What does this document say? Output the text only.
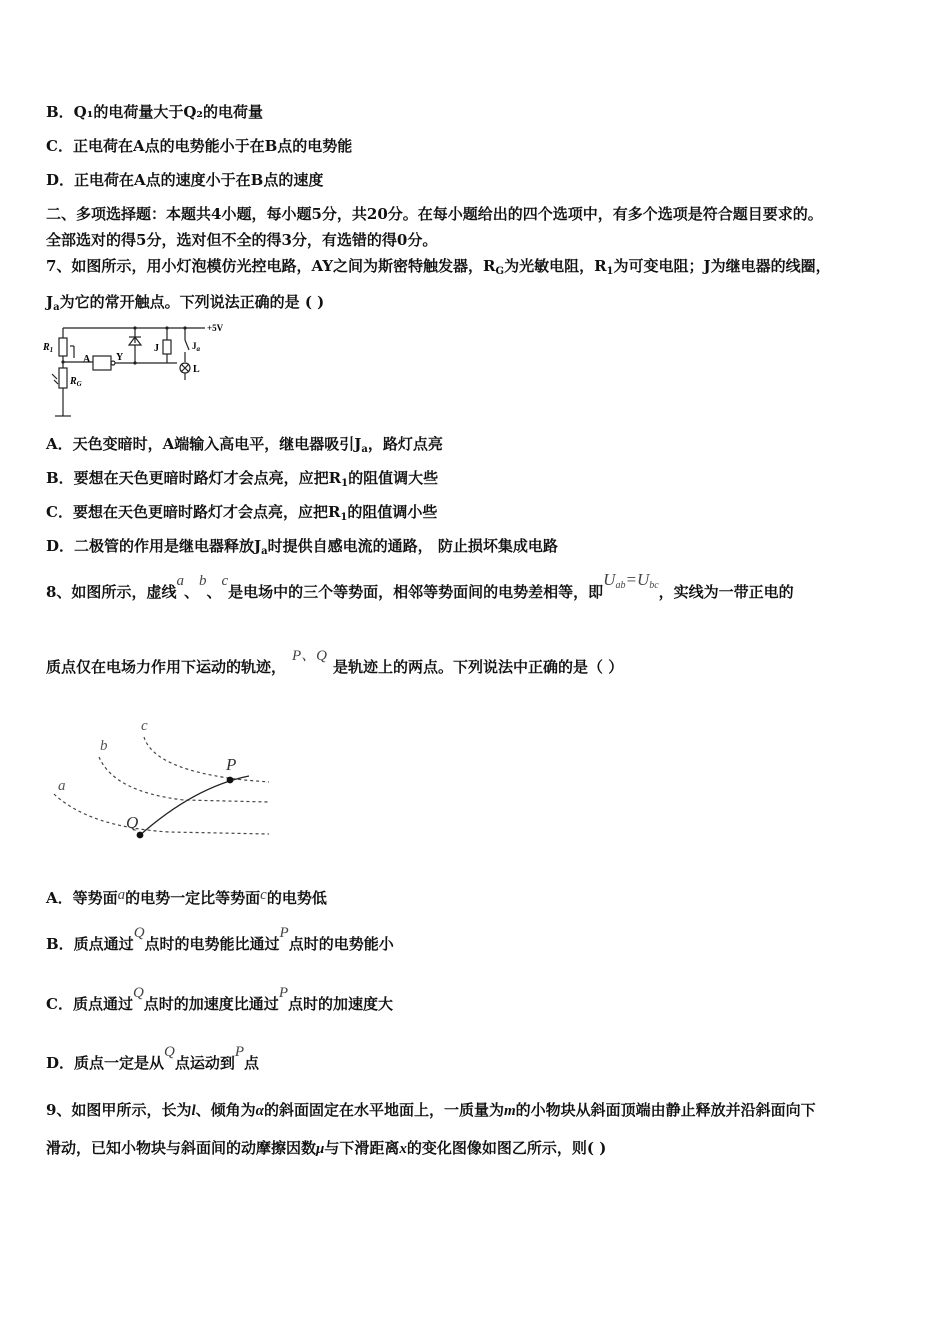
B．Q₁的电荷量大于Q₂的电荷量
C．正电荷在A点的电势能小于在B点的电势能
D．正电荷在A点的速度小于在B点的速度
二、多项选择题：本题共4小题，每小题5分，共20分。在每小题给出的四个选项中，有多个选项是符合题目要求的。
全部选对的得5分，选对但不全的得3分，有选错的得0分。
7、如图所示，用小灯泡模仿光控电路，AY之间为斯密特触发器，$R_G$为光敏电阻，$R_1$为可变电阻；J为继电器的线圈，
$J_a$为它的常开触点。下列说法正确的是 ( )
+5V
$R_1$
$R_G$
A	Y
J	$J_a$
L
A．天色变暗时，A端输入高电平，继电器吸引$J_a$，路灯点亮
B．要想在天色更暗时路灯才会点亮，应把$R_1$的阻值调大些
C．要想在天色更暗时路灯才会点亮，应把$R_1$的阻值调小些
D．二极管的作用是继电器释放$J_a$时提供自感电流的通路， 防止损坏集成电路
8、如图所示，虚线a、b、c是电场中的三个等势面，相邻等势面间的电势差相等，即$U_{ab}=U_{bc}$，实线为一带正电的
质点仅在电场力作用下运动的轨迹，P、Q是轨迹上的两点。下列说法中正确的是（ ）
a
b
c
P
Q
A．等势面a的电势一定比等势面c的电势低
B．质点通过Q点时的电势能比通过P点时的电势能小
C．质点通过Q点时的加速度比通过P点时的加速度大
D．质点一定是从Q点运动到P点
9、如图甲所示，长为l、倾角为α的斜面固定在水平地面上，一质量为m的小物块从斜面顶端由静止释放并沿斜面向下
滑动，已知小物块与斜面间的动摩擦因数μ与下滑距离x的变化图像如图乙所示，则( )
